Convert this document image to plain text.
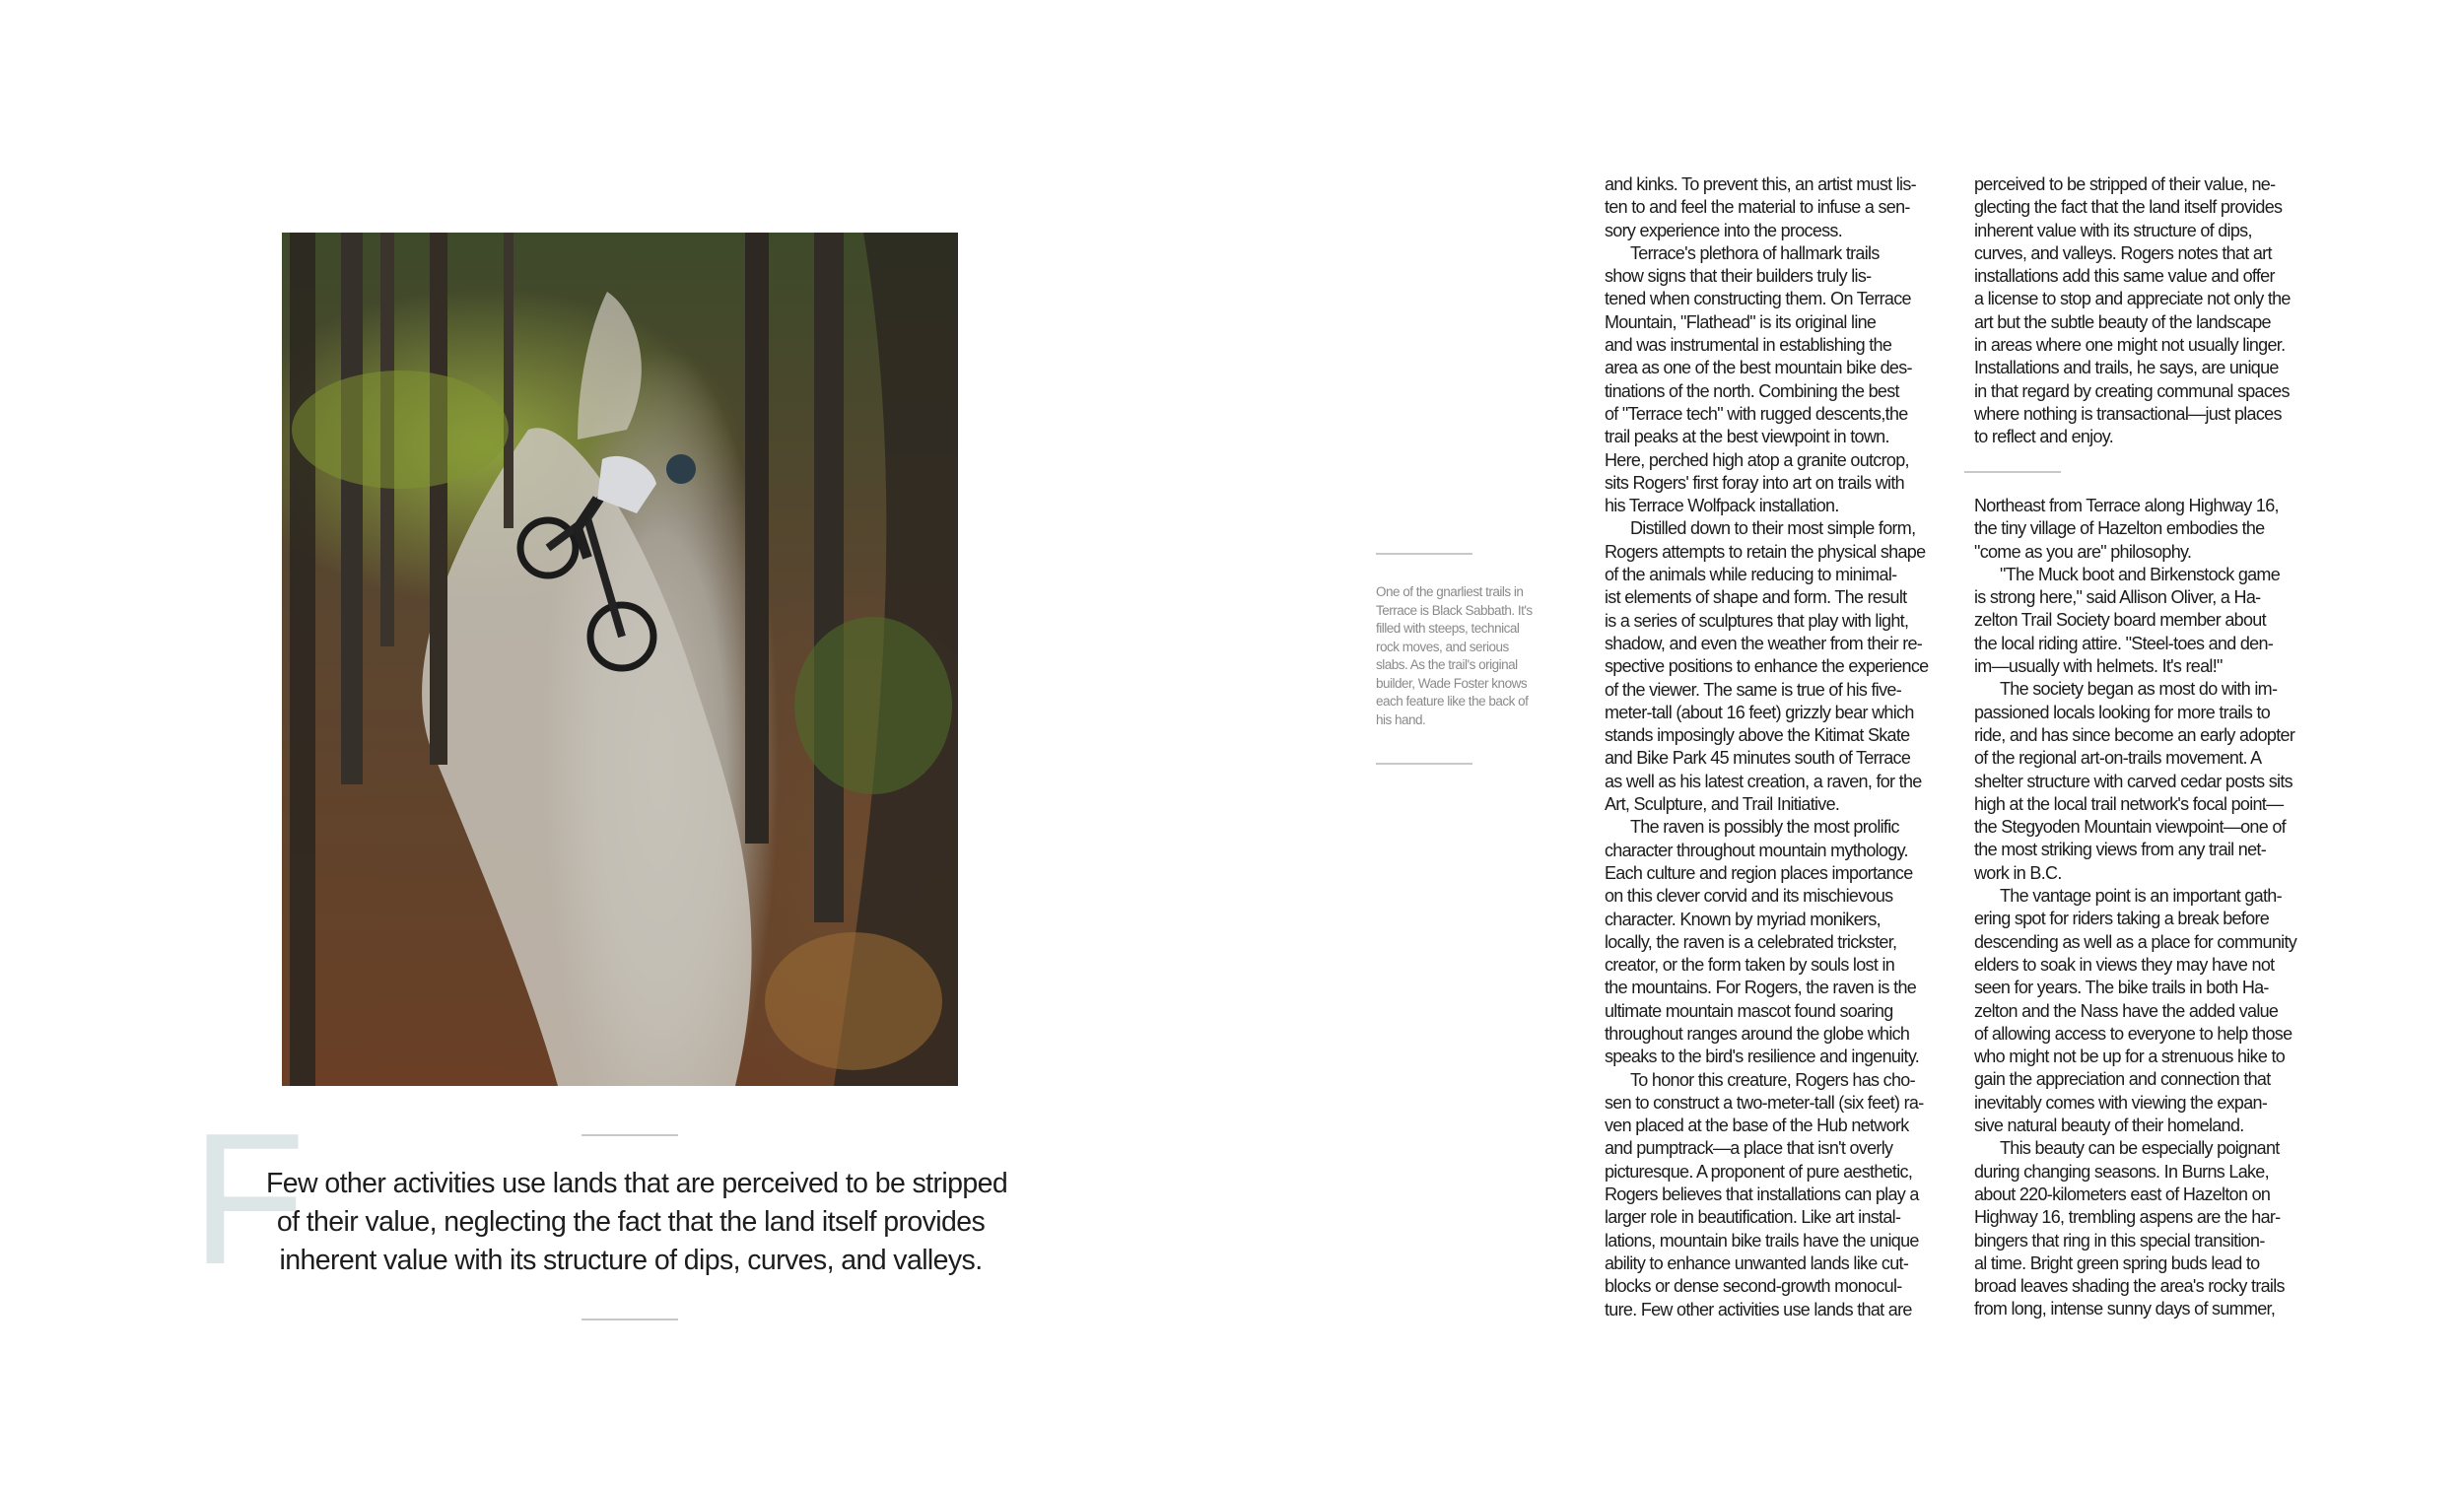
F
Few other activities use lands that are perceived to be stripped
of their value, neglecting the fact that the land itself provides
inherent value with its structure of dips, curves, and valleys.
One of the gnarliest trails in
Terrace is Black Sabbath. It's
filled with steeps, technical
rock moves, and serious
slabs. As the trail's original
builder, Wade Foster knows
each feature like the back of
his hand.
and kinks. To prevent this, an artist must lis-
ten to and feel the material to infuse a sen-
sory experience into the process.
Terrace's plethora of hallmark trails
show signs that their builders truly lis-
tened when constructing them. On Terrace
Mountain, "Flathead" is its original line
and was instrumental in establishing the
area as one of the best mountain bike des-
tinations of the north. Combining the best
of "Terrace tech" with rugged descents,the
trail peaks at the best viewpoint in town.
Here, perched high atop a granite outcrop,
sits Rogers' first foray into art on trails with
his Terrace Wolfpack installation.
Distilled down to their most simple form,
Rogers attempts to retain the physical shape
of the animals while reducing to minimal-
ist elements of shape and form. The result
is a series of sculptures that play with light,
shadow, and even the weather from their re-
spective positions to enhance the experience
of the viewer. The same is true of his five-
meter-tall (about 16 feet) grizzly bear which
stands imposingly above the Kitimat Skate
and Bike Park 45 minutes south of Terrace
as well as his latest creation, a raven, for the
Art, Sculpture, and Trail Initiative.
The raven is possibly the most prolific
character throughout mountain mythology.
Each culture and region places importance
on this clever corvid and its mischievous
character. Known by myriad monikers,
locally, the raven is a celebrated trickster,
creator, or the form taken by souls lost in
the mountains. For Rogers, the raven is the
ultimate mountain mascot found soaring
throughout ranges around the globe which
speaks to the bird's resilience and ingenuity.
To honor this creature, Rogers has cho-
sen to construct a two-meter-tall (six feet) ra-
ven placed at the base of the Hub network
and pumptrack—a place that isn't overly
picturesque. A proponent of pure aesthetic,
Rogers believes that installations can play a
larger role in beautification. Like art instal-
lations, mountain bike trails have the unique
ability to enhance unwanted lands like cut-
blocks or dense second-growth monocul-
ture. Few other activities use lands that are
perceived to be stripped of their value, ne-
glecting the fact that the land itself provides
inherent value with its structure of dips,
curves, and valleys. Rogers notes that art
installations add this same value and offer
a license to stop and appreciate not only the
art but the subtle beauty of the landscape
in areas where one might not usually linger.
Installations and trails, he says, are unique
in that regard by creating communal spaces
where nothing is transactional—just places
to reflect and enjoy.
Northeast from Terrace along Highway 16,
the tiny village of Hazelton embodies the
"come as you are" philosophy.
"The Muck boot and Birkenstock game
is strong here," said Allison Oliver, a Ha-
zelton Trail Society board member about
the local riding attire. "Steel-toes and den-
im—usually with helmets. It's real!"
The society began as most do with im-
passioned locals looking for more trails to
ride, and has since become an early adopter
of the regional art-on-trails movement. A
shelter structure with carved cedar posts sits
high at the local trail network's focal point—
the Stegyoden Mountain viewpoint—one of
the most striking views from any trail net-
work in B.C.
The vantage point is an important gath-
ering spot for riders taking a break before
descending as well as a place for community
elders to soak in views they may have not
seen for years. The bike trails in both Ha-
zelton and the Nass have the added value
of allowing access to everyone to help those
who might not be up for a strenuous hike to
gain the appreciation and connection that
inevitably comes with viewing the expan-
sive natural beauty of their homeland.
This beauty can be especially poignant
during changing seasons. In Burns Lake,
about 220-kilometers east of Hazelton on
Highway 16, trembling aspens are the har-
bingers that ring in this special transition-
al time. Bright green spring buds lead to
broad leaves shading the area's rocky trails
from long, intense sunny days of summer,
